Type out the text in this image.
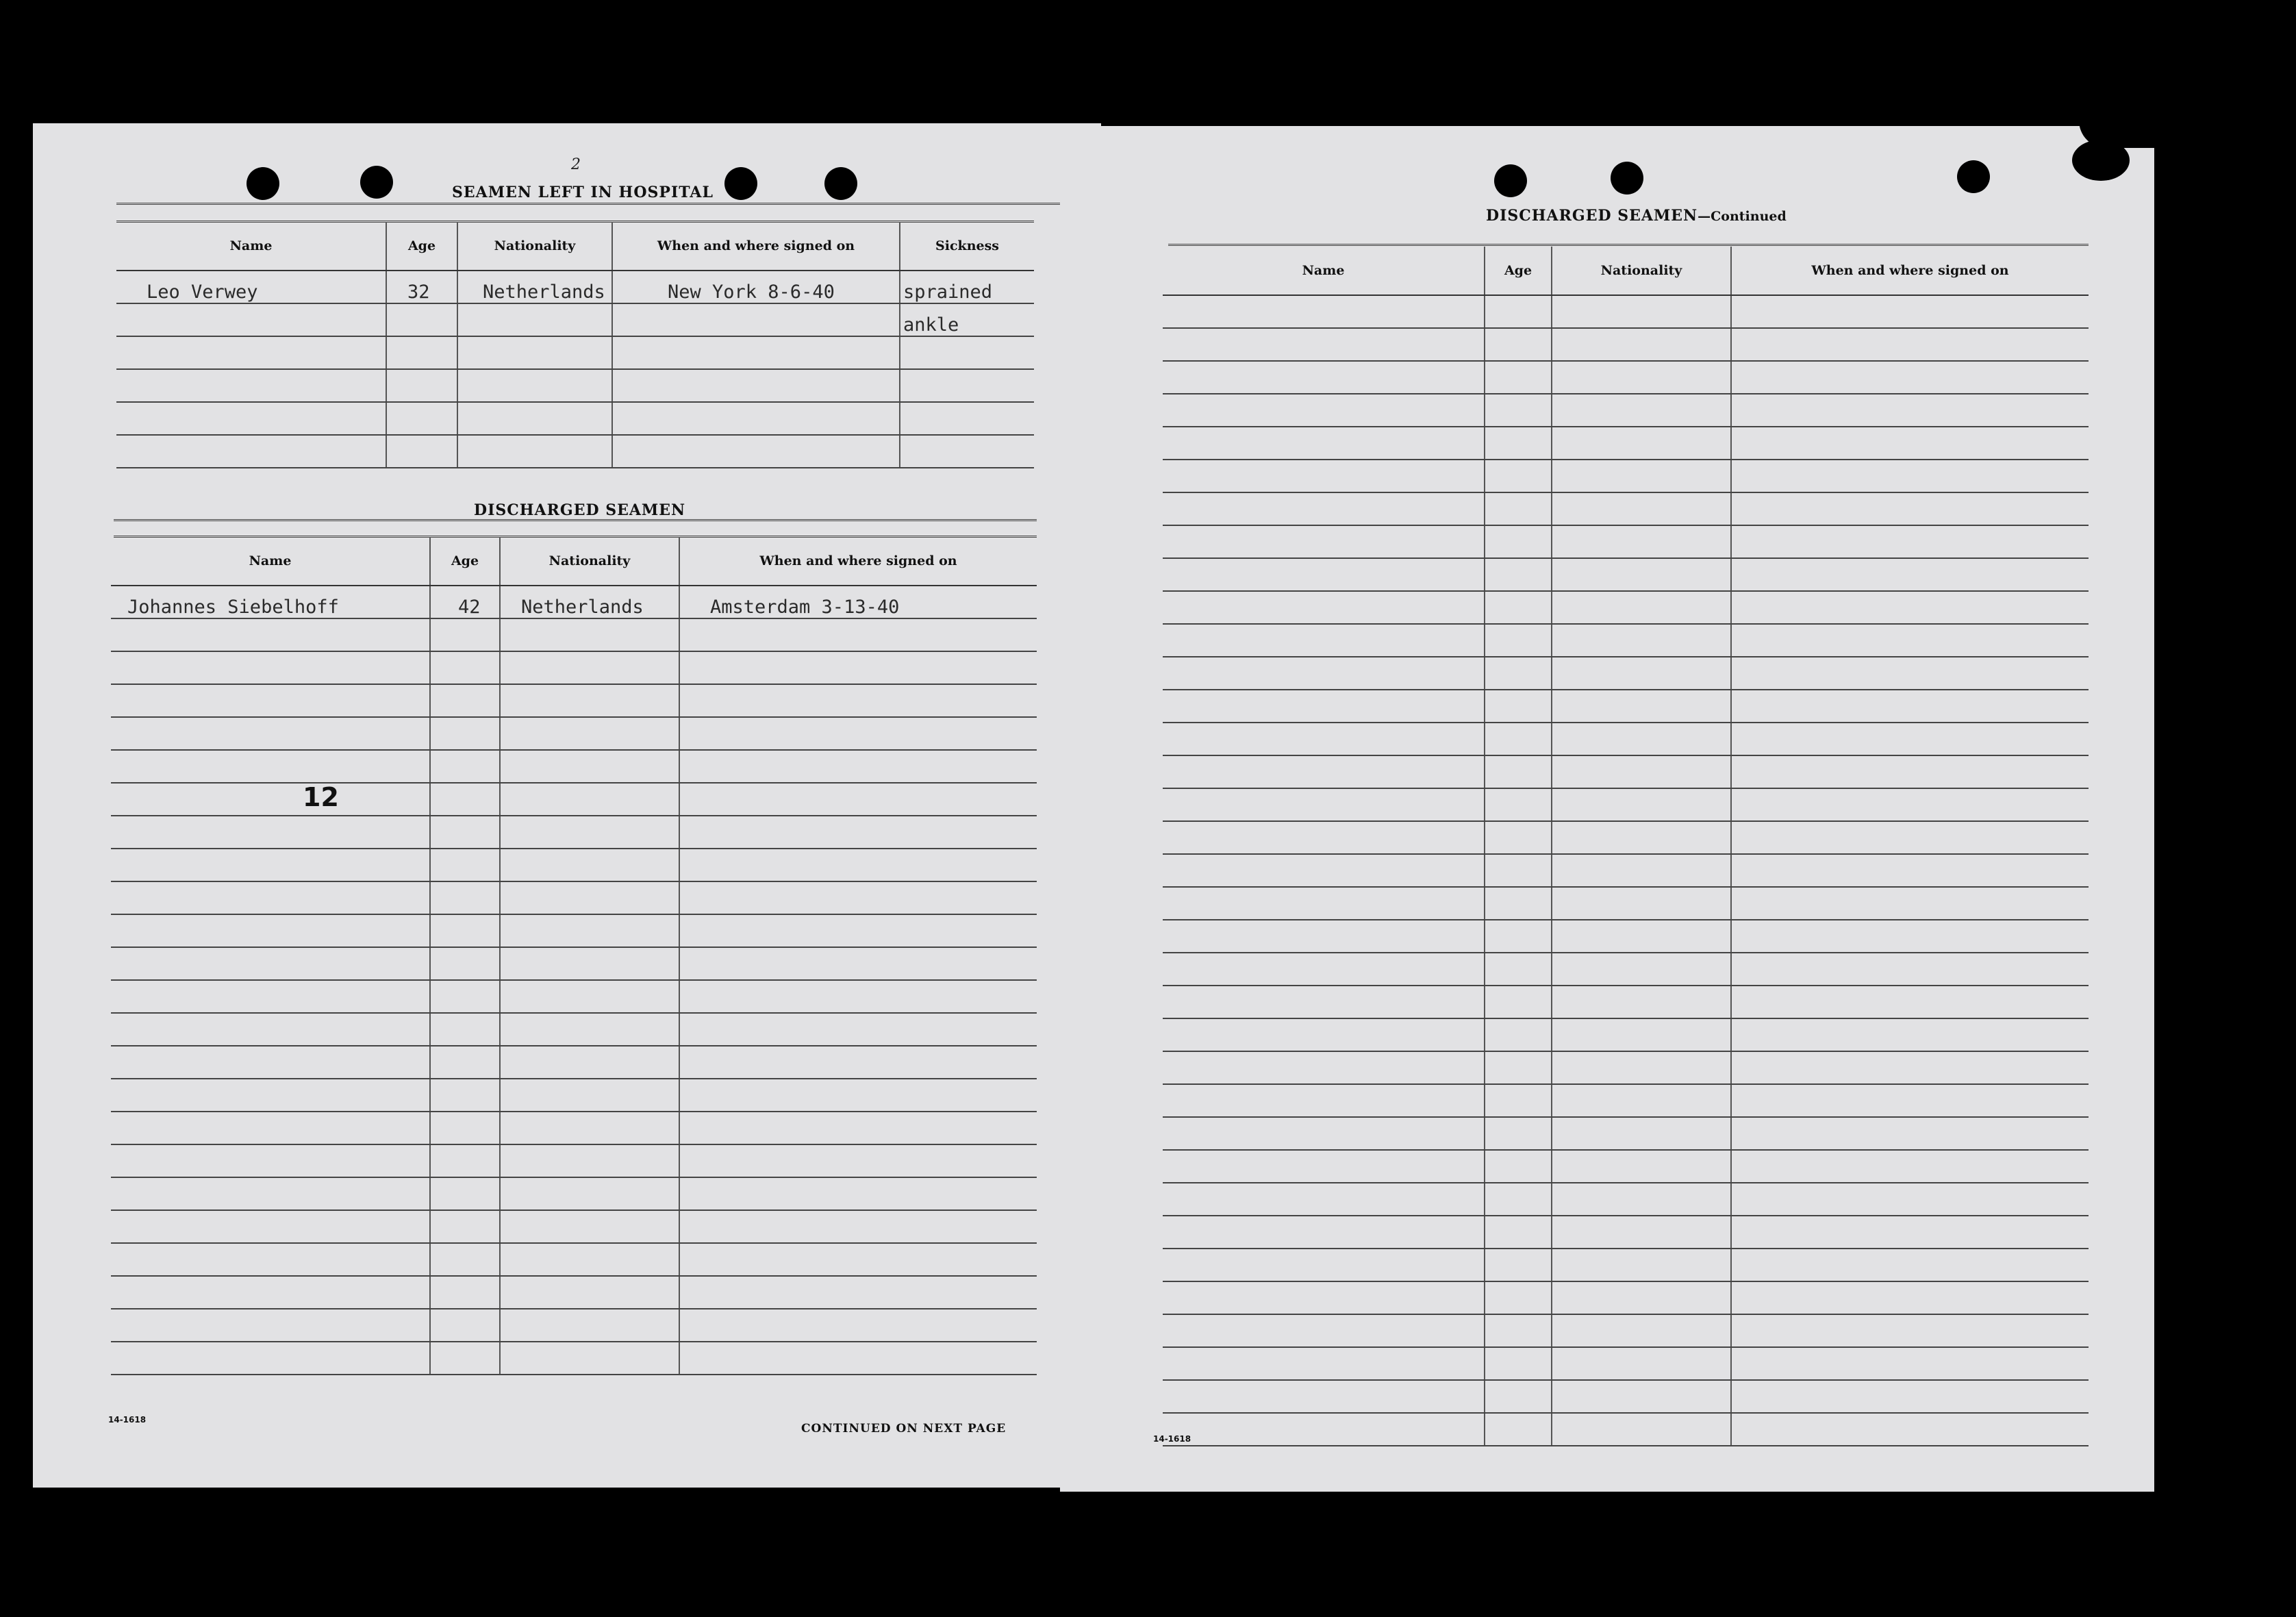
2
SEAMEN LEFT IN HOSPITAL
Name	Age	Nationality	When and where signed on	Sickness
Leo Verwey	32	Netherlands	New York 8-6-40	sprained
				ankle

DISCHARGED SEAMEN
Name	Age	Nationality	When and where signed on
Johannes Siebelhoff	42	Netherlands	Amsterdam 3-13-40

12
14-1618
CONTINUED ON NEXT PAGE
DISCHARGED SEAMEN—Continued
Name	Age	Nationality	When and where signed on

14-1618
